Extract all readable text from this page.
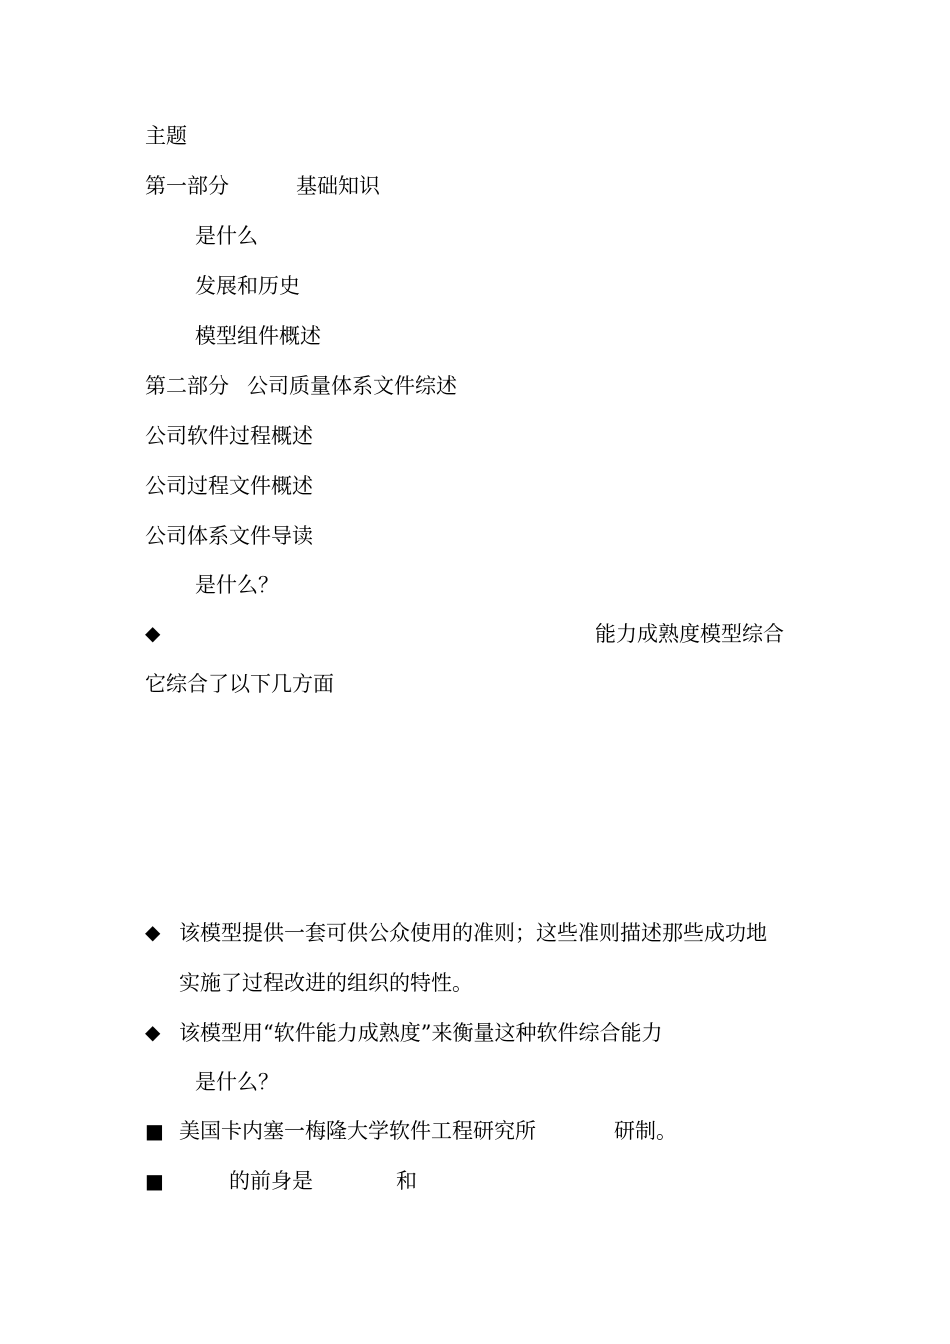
主题
第一部分	基础知识
是什么
发展和历史
模型组件概述
第二部分 公司质量体系文件综述
公司软件过程概述
公司过程文件概述
公司体系文件导读
是什么？
◆	能力成熟度模型综合
它综合了以下几方面
◆ 该模型提供一套可供公众使用的准则；这些准则描述那些成功地
实施了过程改进的组织的特性。
◆ 该模型用“软件能力成熟度”来衡量这种软件综合能力
是什么？
■ 美国卡内塞一梅隆大学软件工程研究所	研制。
■	的前身是	和
